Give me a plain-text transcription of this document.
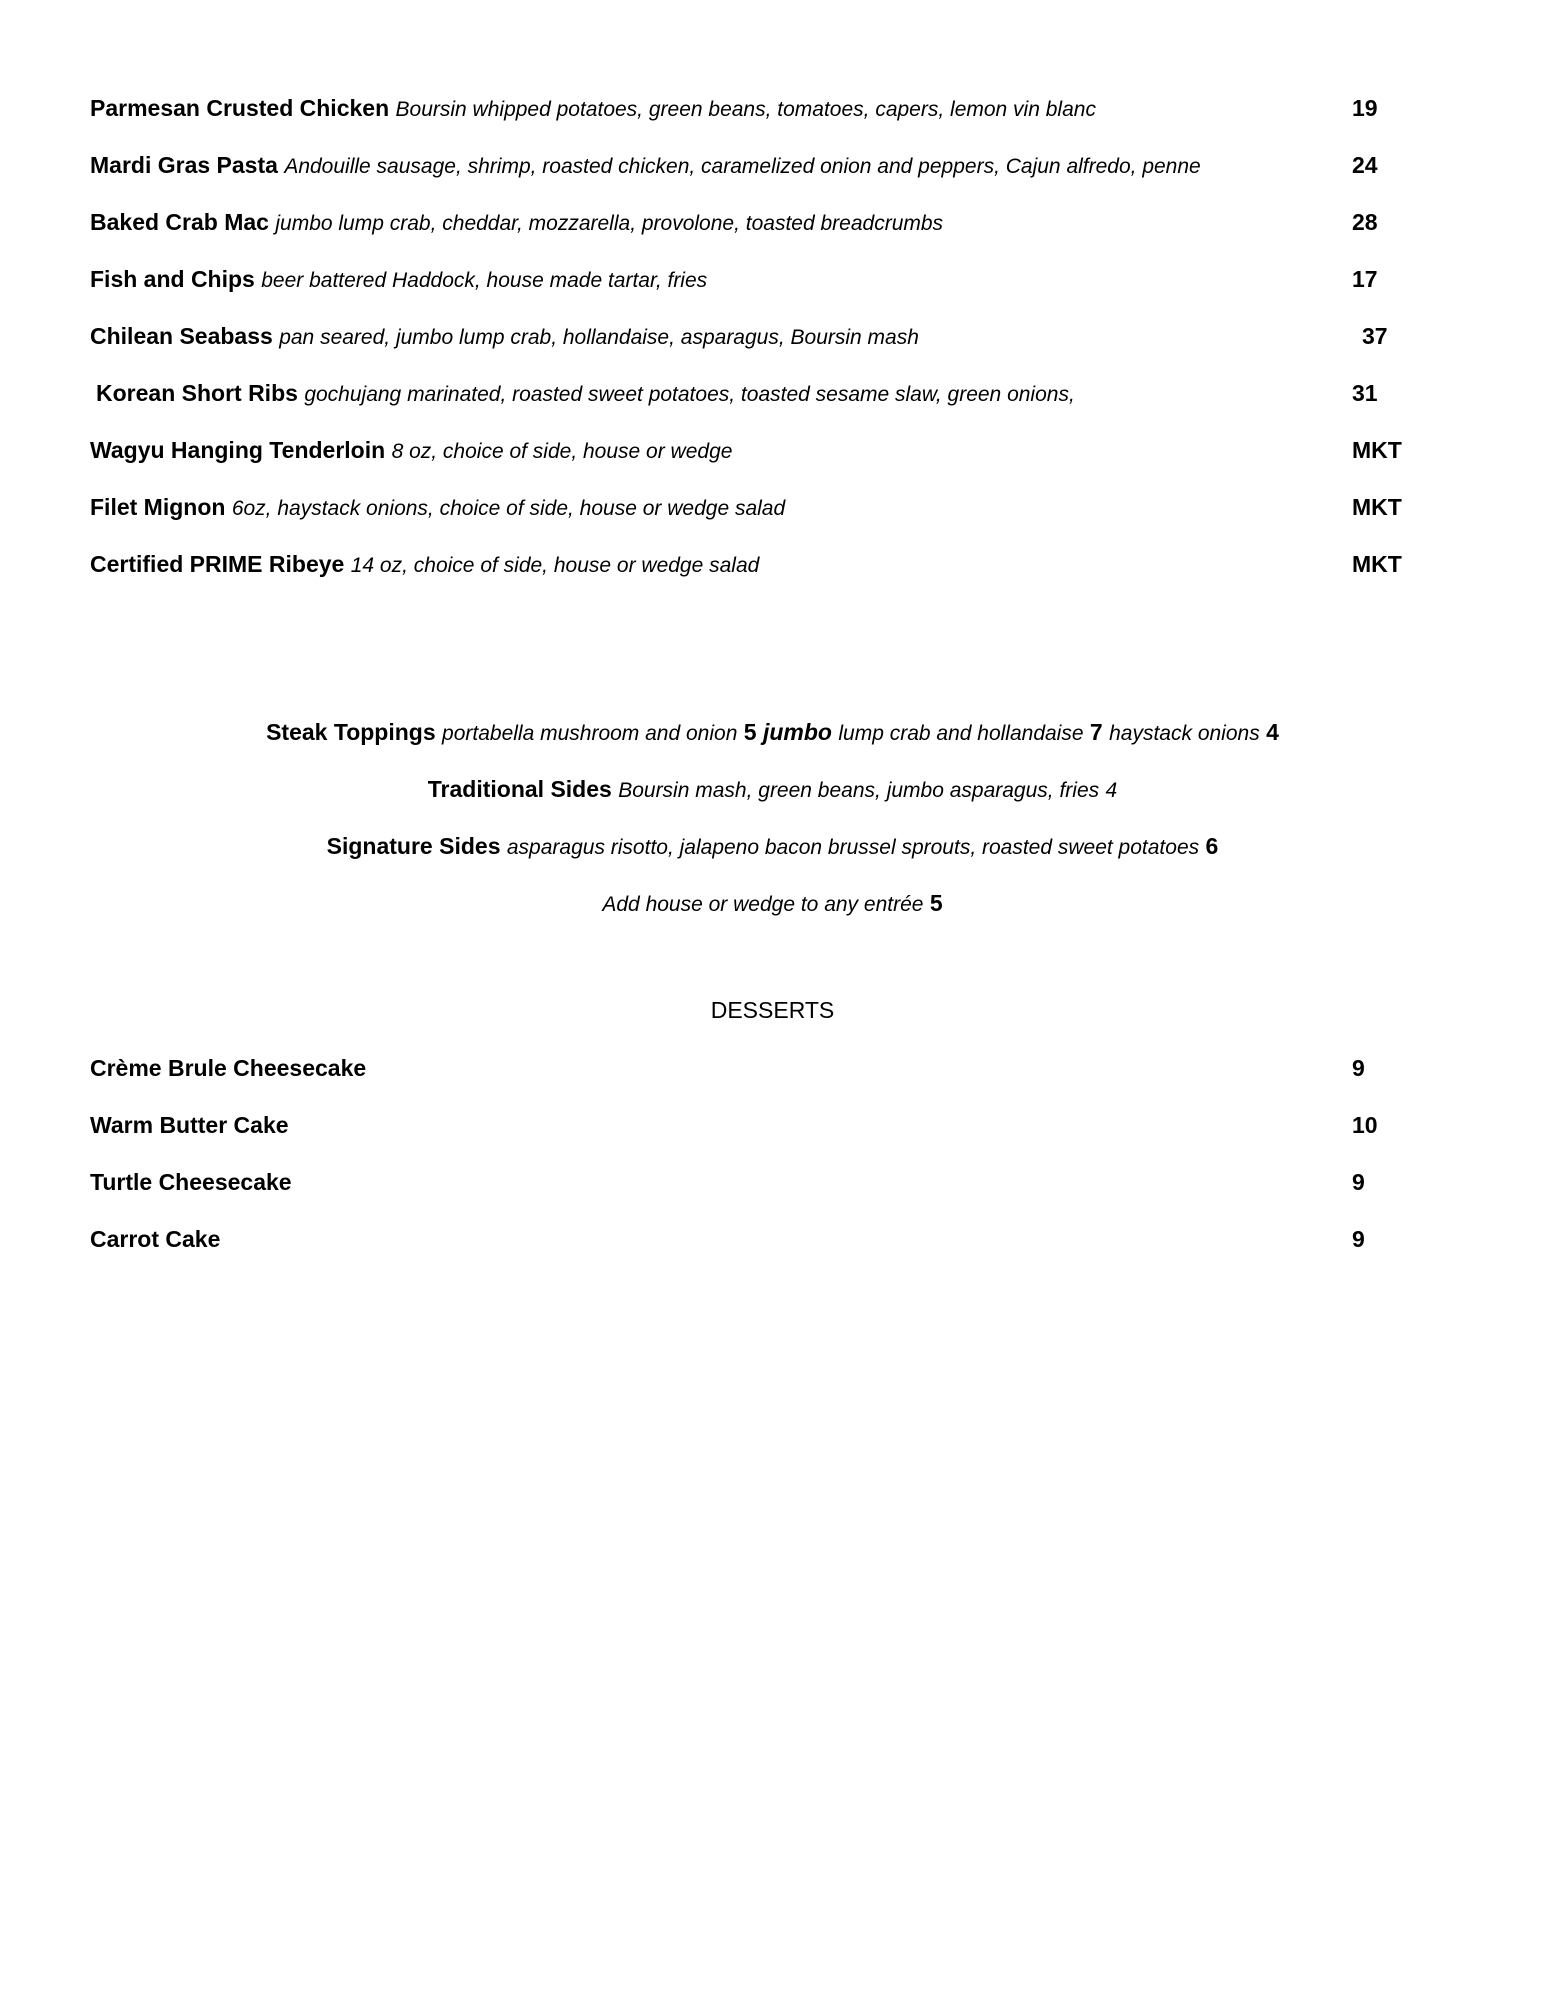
Parmesan Crusted Chicken Boursin whipped potatoes, green beans, tomatoes, capers, lemon vin blanc	19
Mardi Gras Pasta Andouille sausage, shrimp, roasted chicken, caramelized onion and peppers, Cajun alfredo, penne	24
Baked Crab Mac jumbo lump crab, cheddar, mozzarella, provolone, toasted breadcrumbs	28
Fish and Chips beer battered Haddock, house made tartar, fries	17
Chilean Seabass pan seared, jumbo lump crab, hollandaise, asparagus, Boursin mash	37
Korean Short Ribs gochujang marinated, roasted sweet potatoes, toasted sesame slaw, green onions,	31
Wagyu Hanging Tenderloin 8 oz, choice of side, house or wedge	MKT
Filet Mignon 6oz, haystack onions, choice of side, house or wedge salad	MKT
Certified PRIME Ribeye 14 oz, choice of side, house or wedge salad	MKT
Steak Toppings portabella mushroom and onion 5 jumbo lump crab and hollandaise 7 haystack onions 4
Traditional Sides Boursin mash, green beans, jumbo asparagus, fries 4
Signature Sides asparagus risotto, jalapeno bacon brussel sprouts, roasted sweet potatoes 6
Add house or wedge to any entrée 5
DESSERTS
Crème Brule Cheesecake	9
Warm Butter Cake	10
Turtle Cheesecake	9
Carrot Cake	9
